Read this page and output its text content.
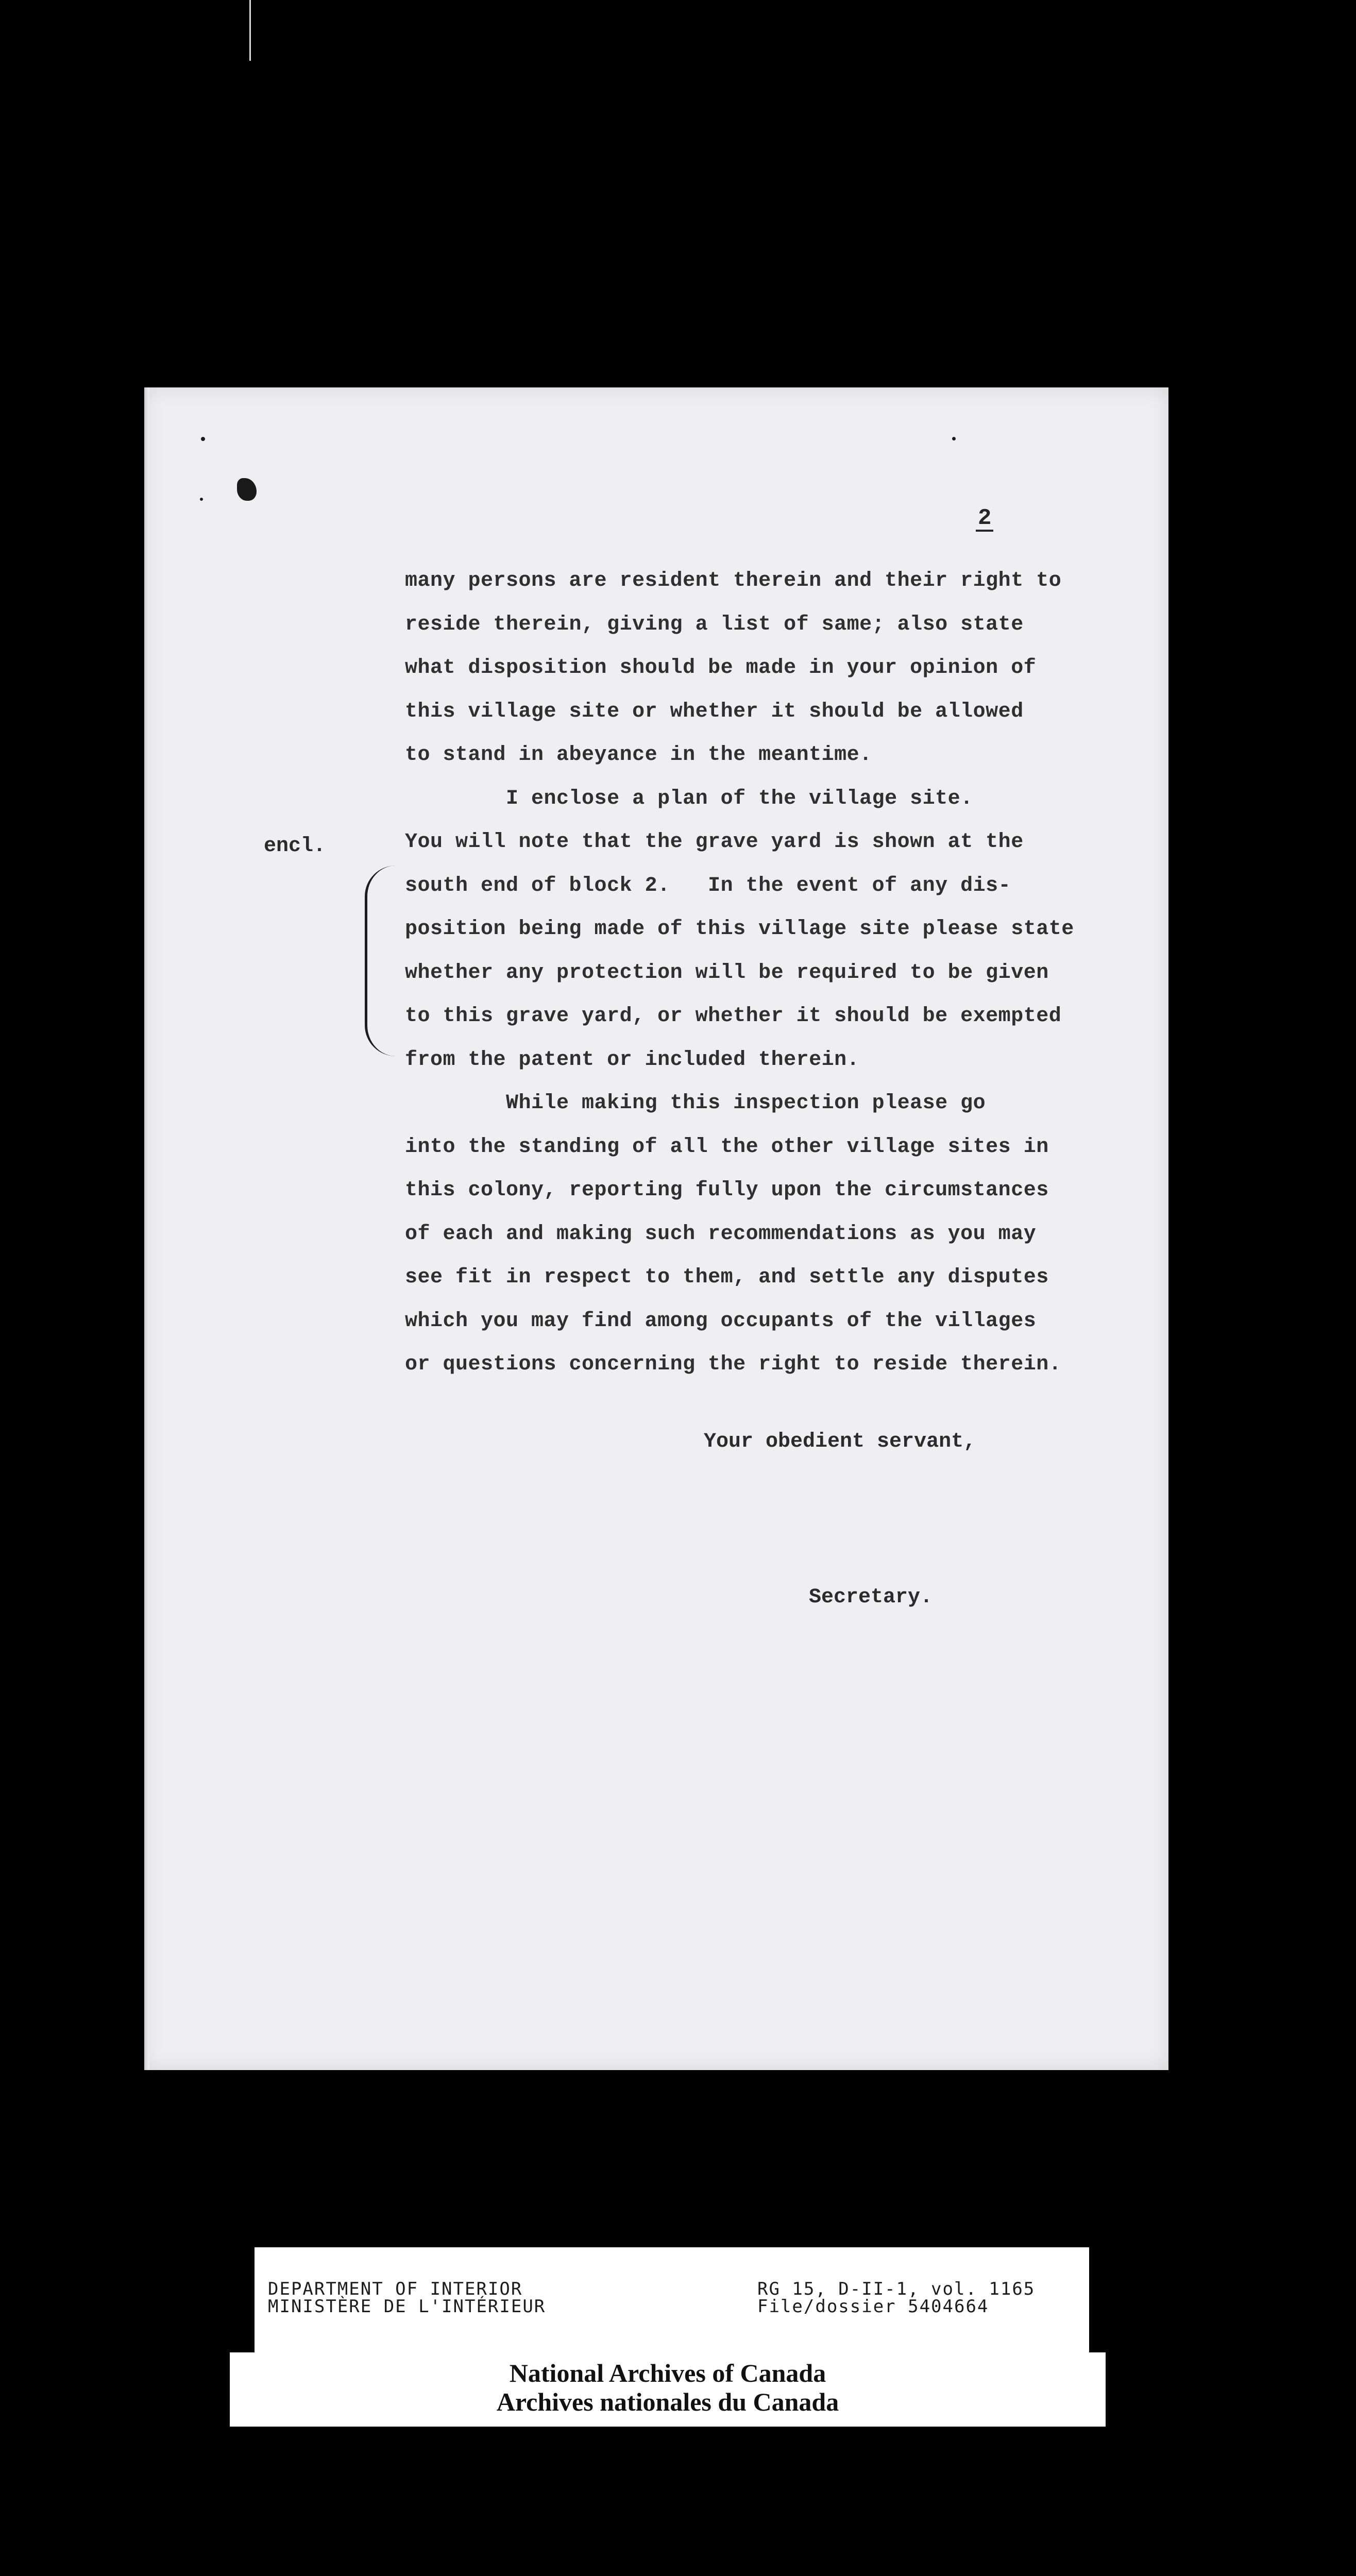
2
encl.
many persons are resident therein and their right to
reside therein, giving a list of same; also state
what disposition should be made in your opinion of
this village site or whether it should be allowed
to stand in abeyance in the meantime.
I enclose a plan of the village site.
You will note that the grave yard is shown at the
south end of block 2.   In the event of any dis-
position being made of this village site please state
whether any protection will be required to be given
to this grave yard, or whether it should be exempted
from the patent or included therein.
While making this inspection please go
into the standing of all the other village sites in
this colony, reporting fully upon the circumstances
of each and making such recommendations as you may
see fit in respect to them, and settle any disputes
which you may find among occupants of the villages
or questions concerning the right to reside therein.
Your obedient servant,
Secretary.
DEPARTMENT OF INTERIOR
MINISTÈRE DE L'INTÉRIEUR
RG 15, D-II-1, vol. 1165
File/dossier 5404664
National Archives of Canada
Archives nationales du Canada
